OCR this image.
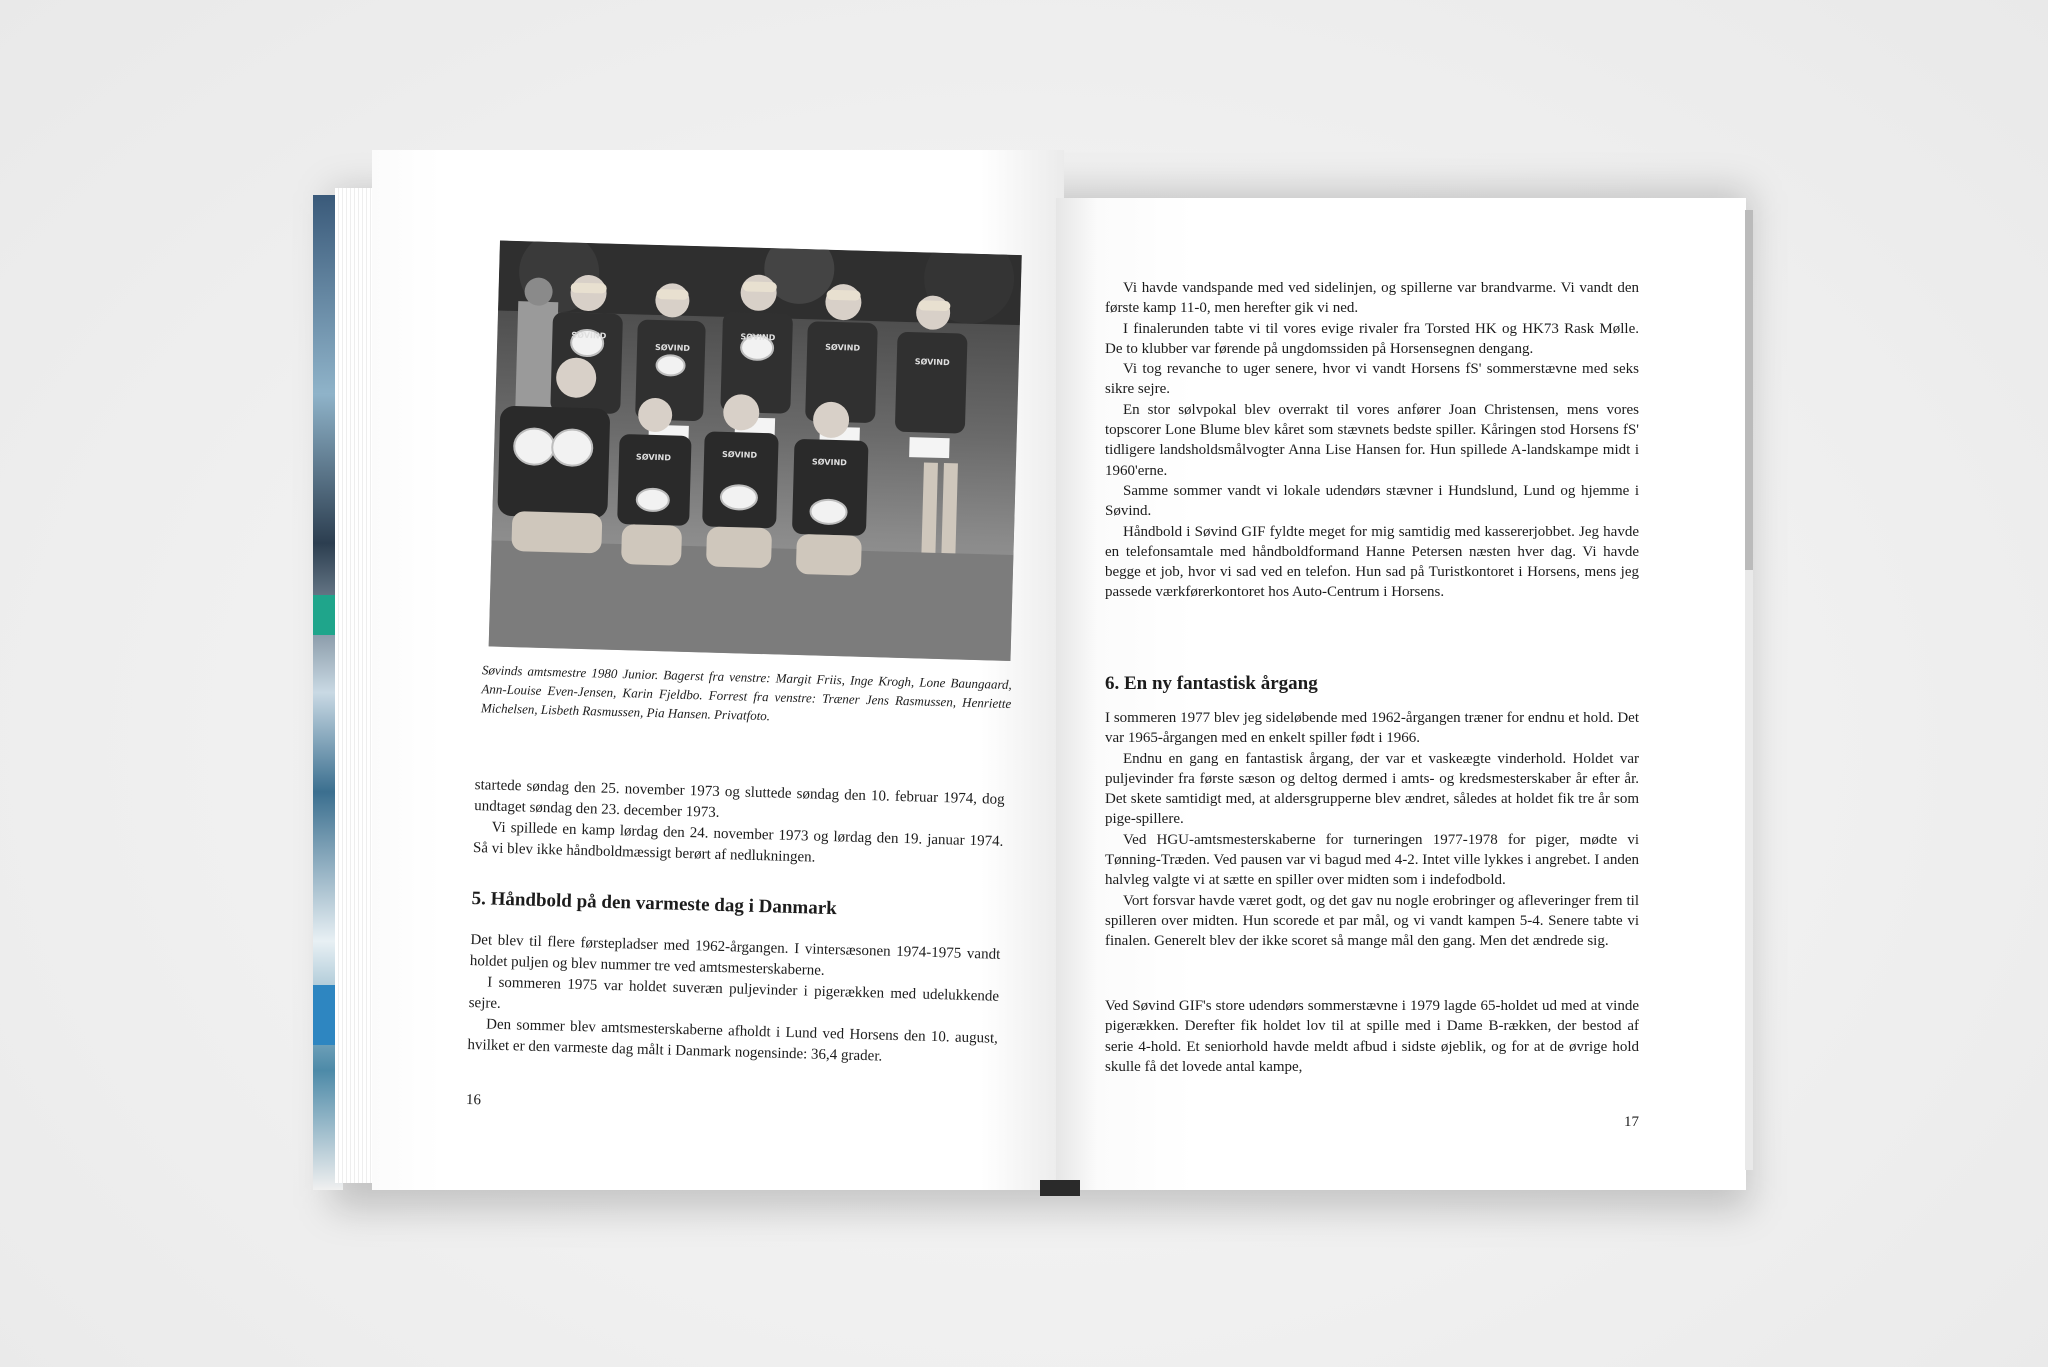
SØVIND
SØVIND
SØVIND
SØVIND
SØVIND
SØVIND	SØVIND
SØVIND
Søvinds amtsmestre 1980 Junior. Bagerst fra venstre: Margit Friis, Inge Krogh, Lone Baungaard, Ann-Louise Even-Jensen, Karin Fjeldbo. Forrest fra venstre: Træner Jens Rasmussen, Henriette Michelsen, Lisbeth Rasmussen, Pia Hansen. Privatfoto.

startede søndag den 25. november 1973 og sluttede søndag den 10. februar 1974, dog undtaget søndag den 23. december 1973.

Vi spillede en kamp lørdag den 24. november 1973 og lørdag den 19. januar 1974. Så vi blev ikke håndboldmæssigt berørt af nedlukningen.

5. Håndbold på den varmeste dag i Danmark

Det blev til flere førstepladser med 1962-årgangen. I vintersæsonen 1974-1975 vandt holdet puljen og blev nummer tre ved amtsmesterskaberne.

I sommeren 1975 var holdet suveræn puljevinder i pigerækken med udelukkende sejre.

Den sommer blev amtsmesterskaberne afholdt i Lund ved Horsens den 10. august, hvilket er den varmeste dag målt i Danmark nogensinde: 36,4 grader.

16

Vi havde vandspande med ved sidelinjen, og spillerne var brandvarme. Vi vandt den første kamp 11-0, men herefter gik vi ned.

I finalerunden tabte vi til vores evige rivaler fra Torsted HK og HK73 Rask Mølle. De to klubber var førende på ungdomssiden på Horsensegnen dengang.

Vi tog revanche to uger senere, hvor vi vandt Horsens fS' sommerstævne med seks sikre sejre.

En stor sølvpokal blev overrakt til vores anfører Joan Christensen, mens vores topscorer Lone Blume blev kåret som stævnets bedste spiller. Kåringen stod Horsens fS' tidligere landsholdsmålvogter Anna Lise Hansen for. Hun spillede A-landskampe midt i 1960'erne.

Samme sommer vandt vi lokale udendørs stævner i Hundslund, Lund og hjemme i Søvind.

Håndbold i Søvind GIF fyldte meget for mig samtidig med kassererjobbet. Jeg havde en telefonsamtale med håndboldformand Hanne Petersen næsten hver dag. Vi havde begge et job, hvor vi sad ved en telefon. Hun sad på Turistkontoret i Horsens, mens jeg passede værkførerkontoret hos Auto-Centrum i Horsens.

6. En ny fantastisk årgang

I sommeren 1977 blev jeg sideløbende med 1962-årgangen træner for endnu et hold. Det var 1965-årgangen med en enkelt spiller født i 1966.

Endnu en gang en fantastisk årgang, der var et vaskeægte vinderhold. Holdet var puljevinder fra første sæson og deltog dermed i amts- og kredsmesterskaber år efter år. Det skete samtidigt med, at aldersgrupperne blev ændret, således at holdet fik tre år som pige-spillere.

Ved HGU-amtsmesterskaberne for turneringen 1977-1978 for piger, mødte vi Tønning-Træden. Ved pausen var vi bagud med 4-2. Intet ville lykkes i angrebet. I anden halvleg valgte vi at sætte en spiller over midten som i indefodbold.

Vort forsvar havde været godt, og det gav nu nogle erobringer og afleveringer frem til spilleren over midten. Hun scorede et par mål, og vi vandt kampen 5-4. Senere tabte vi finalen. Generelt blev der ikke scoret så mange mål den gang. Men det ændrede sig.

Ved Søvind GIF's store udendørs sommerstævne i 1979 lagde 65-holdet ud med at vinde pigerækken. Derefter fik holdet lov til at spille med i Dame B-rækken, der bestod af serie 4-hold. Et seniorhold havde meldt afbud i sidste øjeblik, og for at de øvrige hold skulle få det lovede antal kampe,

17
